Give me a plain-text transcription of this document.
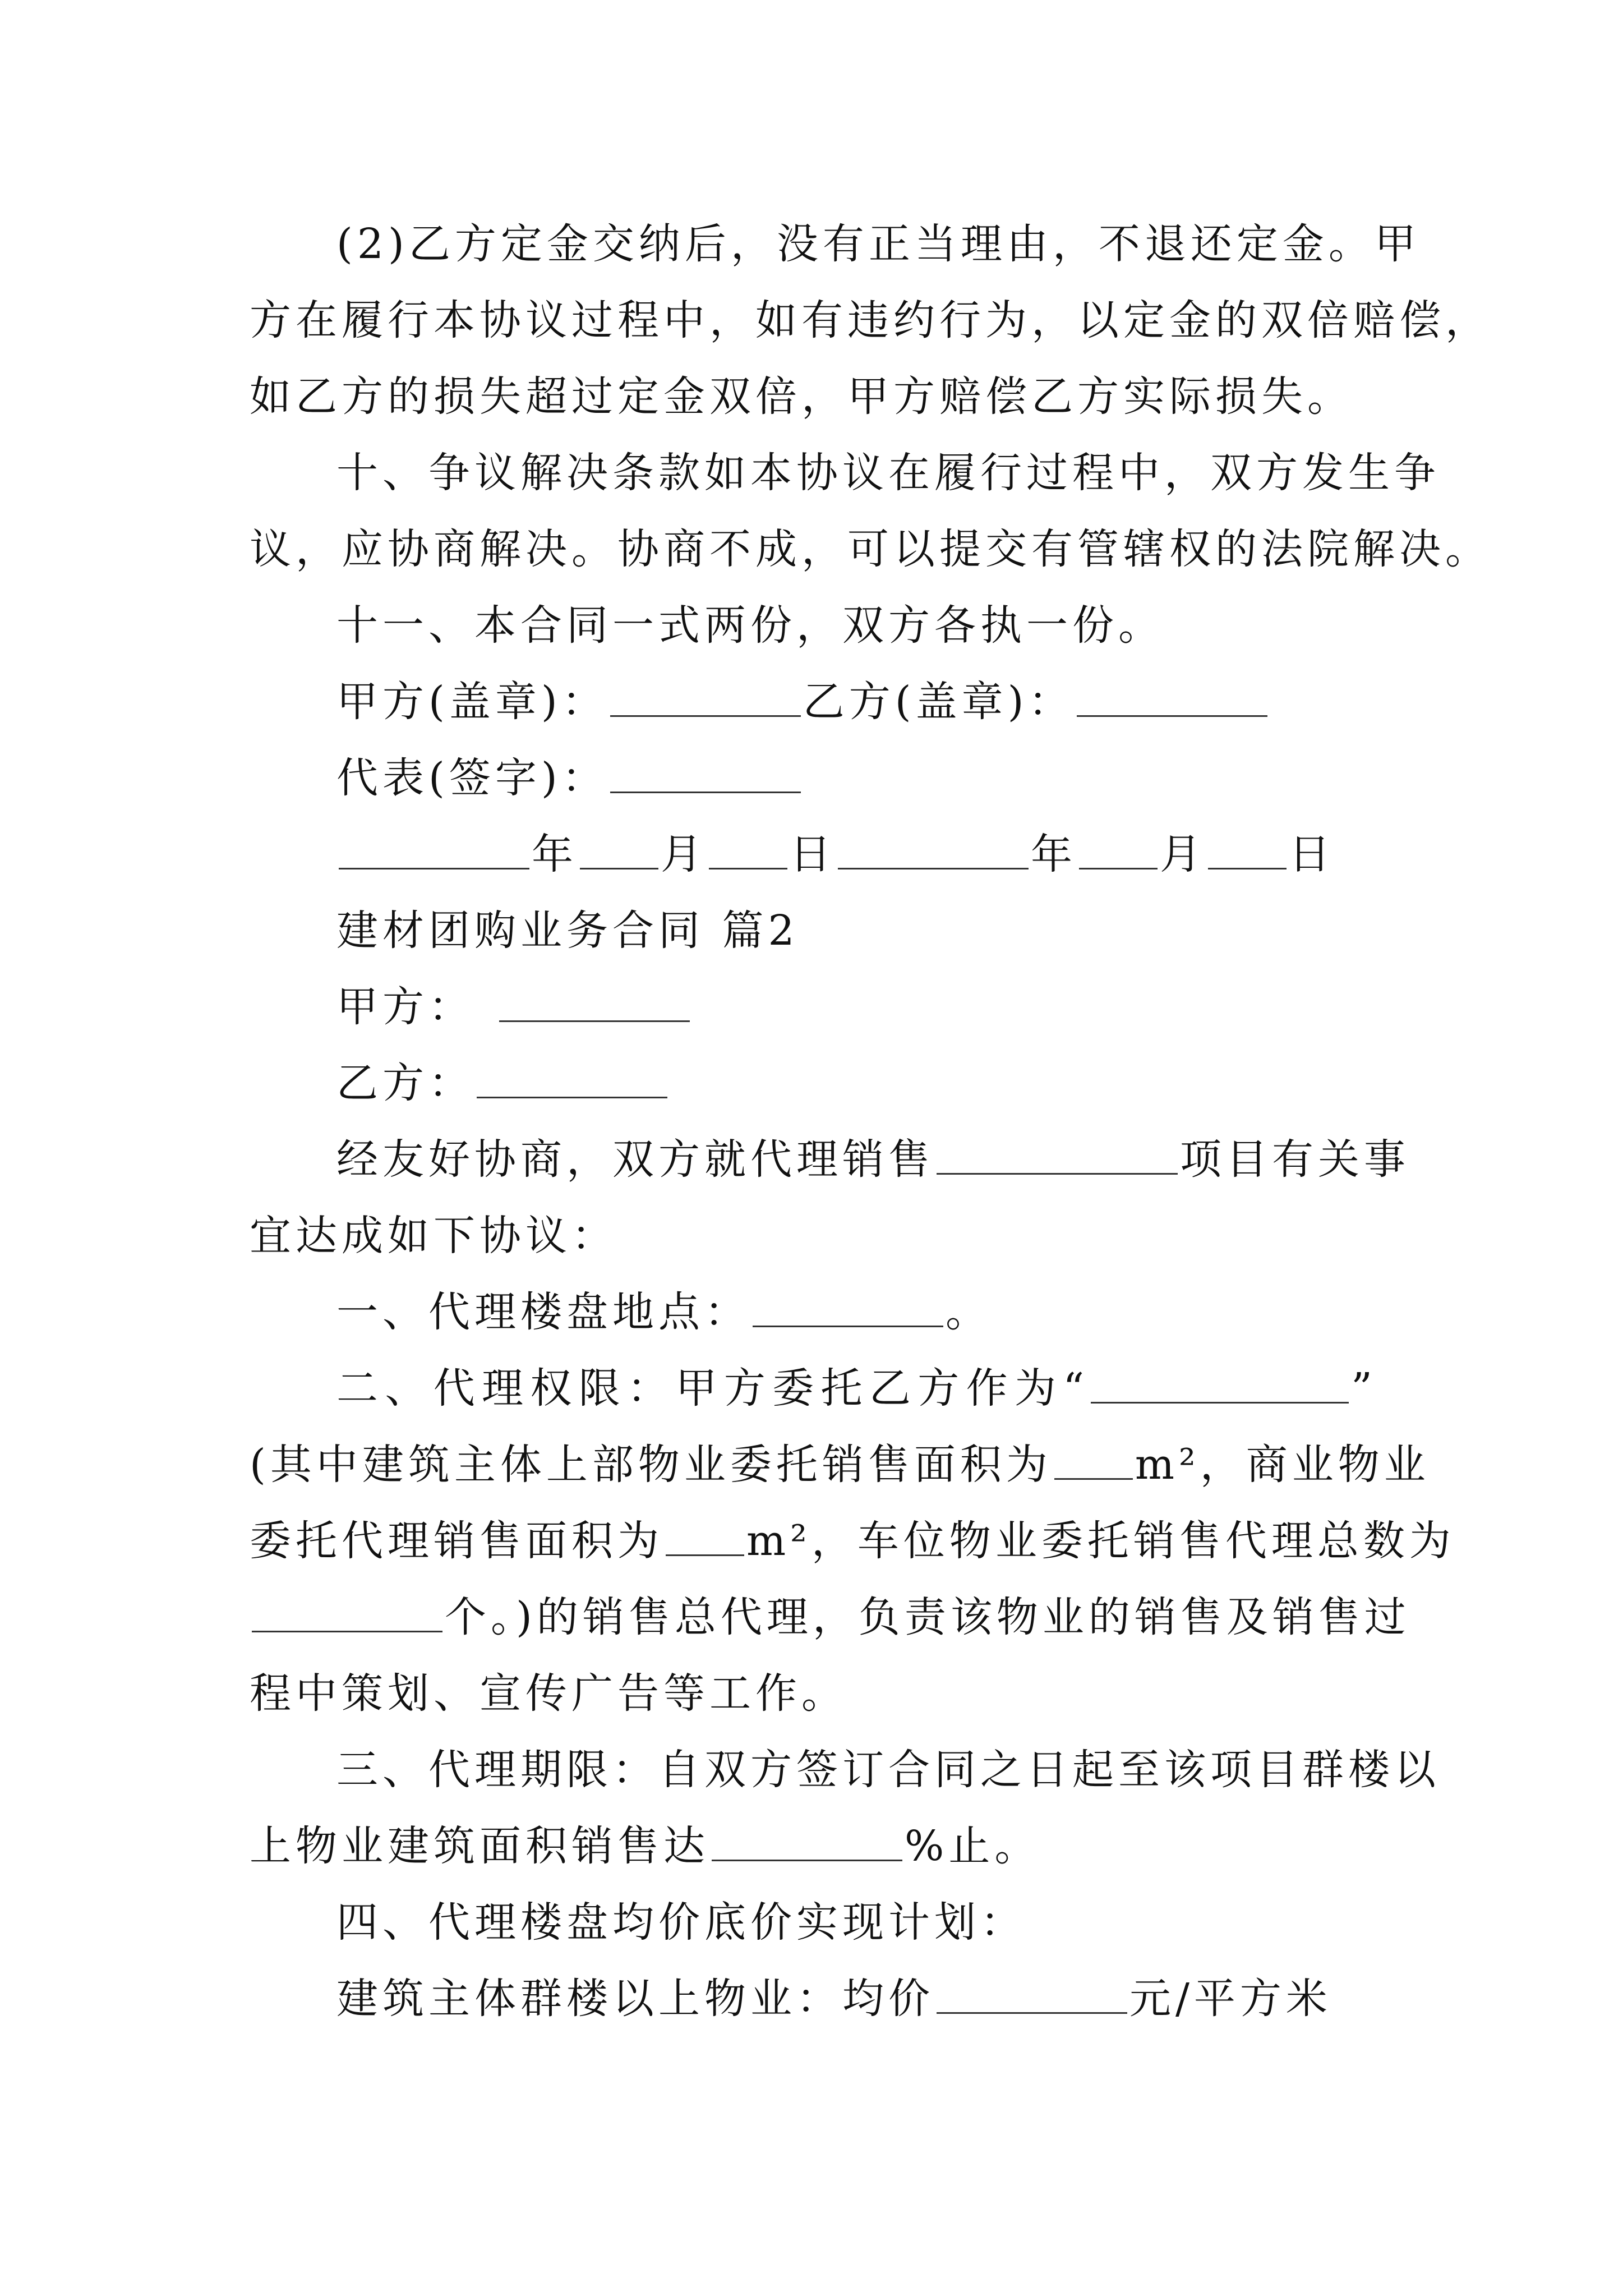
(2)乙方定金交纳后，没有正当理由，不退还定金。甲
方在履行本协议过程中，如有违约行为，以定金的双倍赔偿，
如乙方的损失超过定金双倍，甲方赔偿乙方实际损失。
十、争议解决条款如本协议在履行过程中，双方发生争
议，应协商解决。协商不成，可以提交有管辖权的法院解决。
十一、本合同一式两份，双方各执一份。
甲方(盖章)：	乙方(盖章)：
代表(签字)：
年 月 日	年 月 日
建材团购业务合同 篇2
甲方：
乙方：
经友好协商，双方就代理销售	项目有关事
宜达成如下协议：
一、代理楼盘地点：	。
二、代理权限：甲方委托乙方作为“	”
(其中建筑主体上部物业委托销售面积为 m²，商业物业
委托代理销售面积为 m²，车位物业委托销售代理总数为
个。)的销售总代理，负责该物业的销售及销售过
程中策划、宣传广告等工作。
三、代理期限：自双方签订合同之日起至该项目群楼以
上物业建筑面积销售达	%止。
四、代理楼盘均价底价实现计划：
建筑主体群楼以上物业：均价	元/平方米
